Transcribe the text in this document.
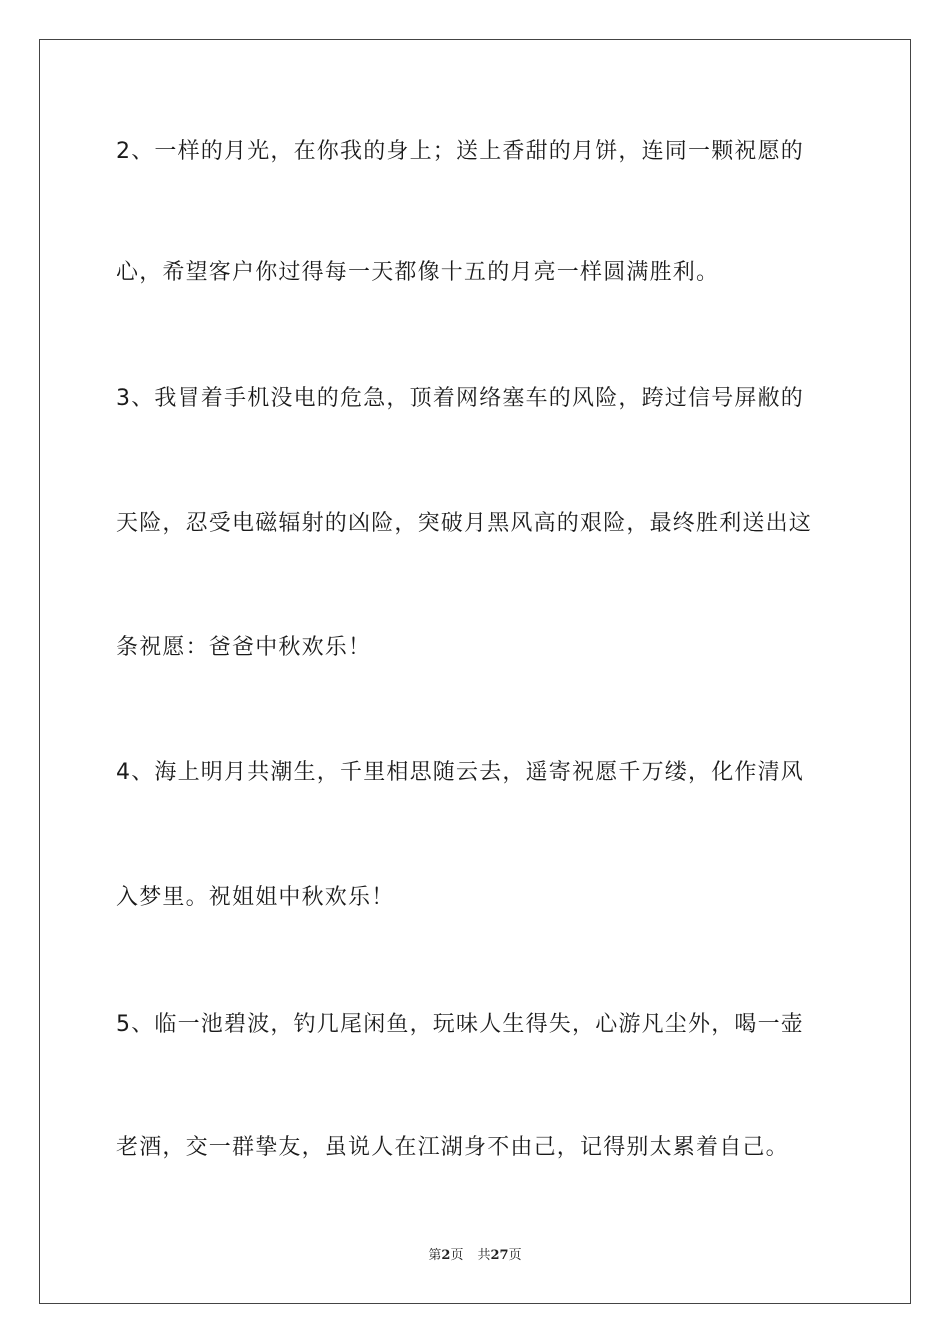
2、一样的月光，在你我的身上；送上香甜的月饼，连同一颗祝愿的
心，希望客户你过得每一天都像十五的月亮一样圆满胜利。
3、我冒着手机没电的危急，顶着网络塞车的风险，跨过信号屏敝的
天险，忍受电磁辐射的凶险，突破月黑风高的艰险，最终胜利送出这
条祝愿：爸爸中秋欢乐！
4、海上明月共潮生，千里相思随云去，遥寄祝愿千万缕，化作清风
入梦里。祝姐姐中秋欢乐！
5、临一池碧波，钓几尾闲鱼，玩味人生得失，心游凡尘外，喝一壶
老酒，交一群挚友，虽说人在江湖身不由己，记得别太累着自己。
第2页 共27页
